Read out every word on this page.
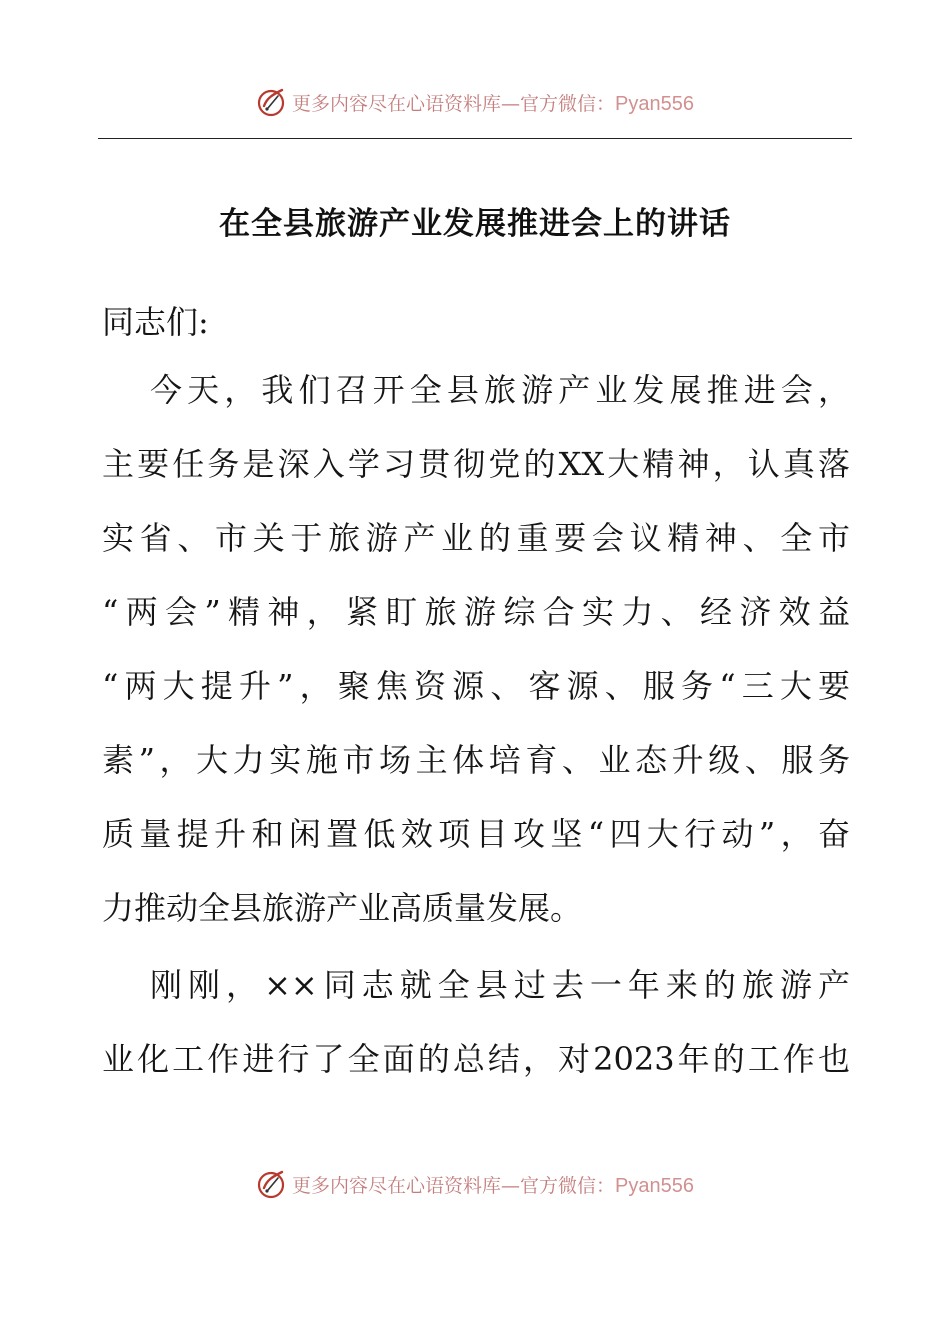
更多内容尽在心语资料库—官方微信：Pyan556
在全县旅游产业发展推进会上的讲话
同志们:
今天，我们召开全县旅游产业发展推进会，
主要任务是深入学习贯彻党的XX大精神，认真落
实省、市关于旅游产业的重要会议精神、全市
“两会”精神，紧盯旅游综合实力、经济效益
“两大提升”，聚焦资源、客源、服务“三大要
素”，大力实施市场主体培育、业态升级、服务
质量提升和闲置低效项目攻坚“四大行动”，奋
力推动全县旅游产业高质量发展。
刚刚，××同志就全县过去一年来的旅游产
业化工作进行了全面的总结，对2023年的工作也
更多内容尽在心语资料库—官方微信：Pyan556
